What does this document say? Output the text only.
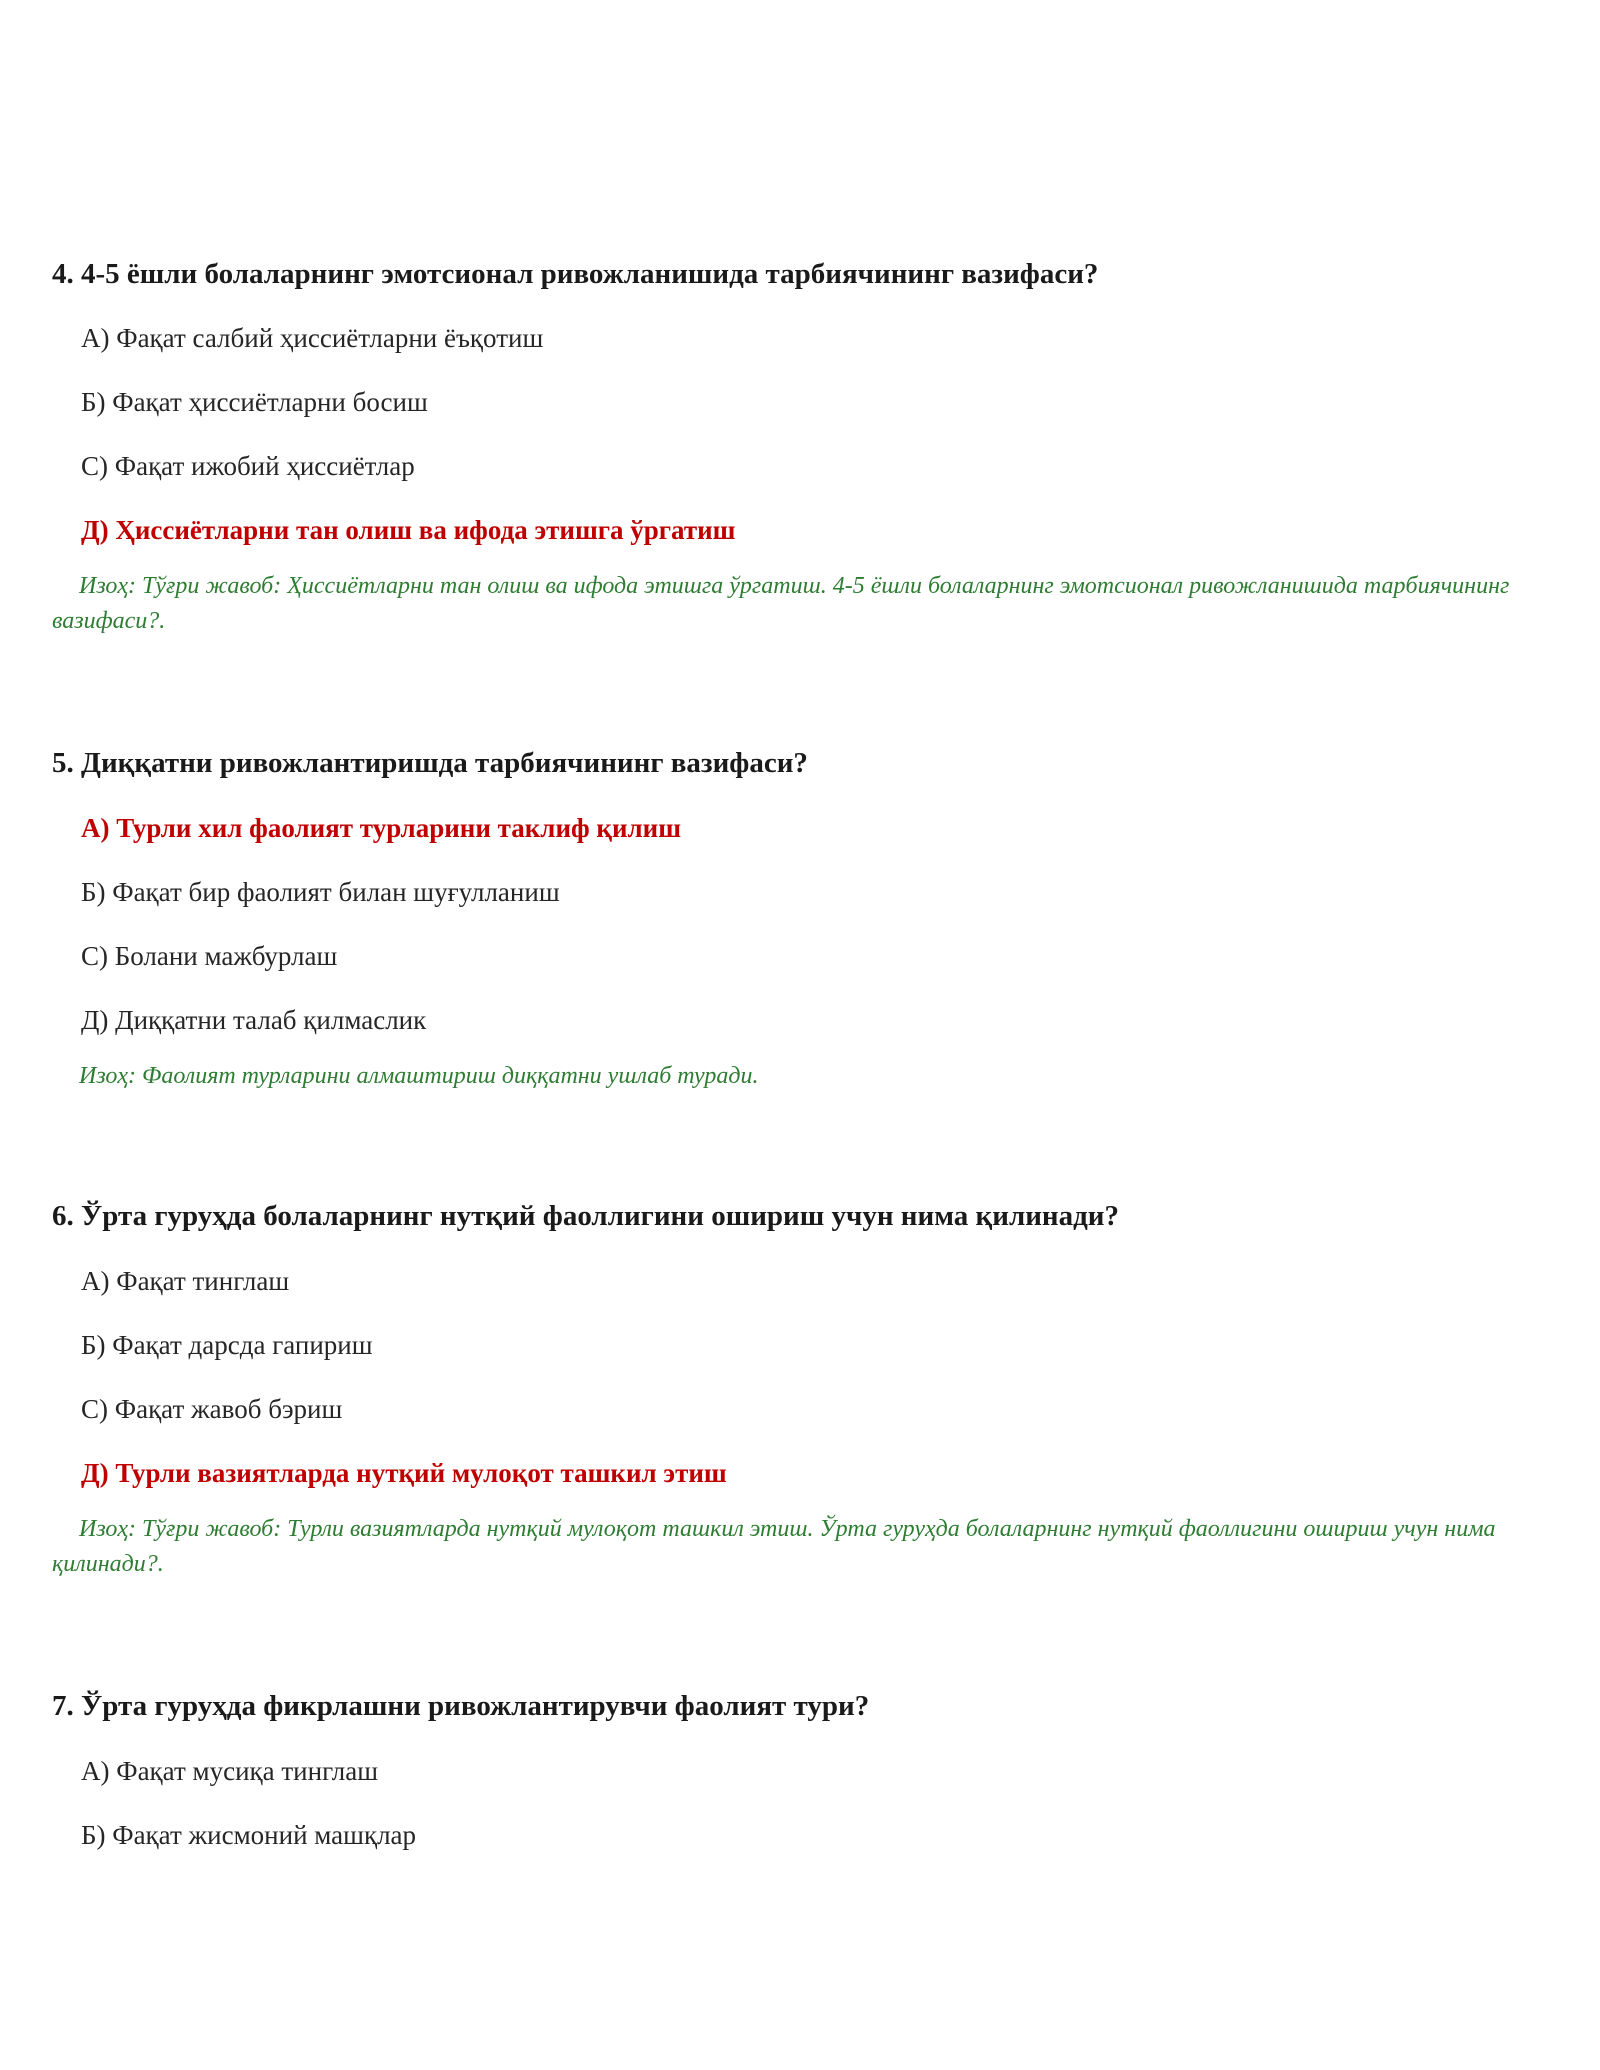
4. 4-5 ёшли болаларнинг эмотсионал ривожланишида тарбиячининг вазифаси?
А) Фақат салбий ҳиссиётларни ёъқотиш
Б) Фақат ҳиссиётларни босиш
С) Фақат ижобий ҳиссиётлар
Д) Ҳиссиётларни тан олиш ва ифода этишга ўргатиш
Изоҳ: Тўғри жавоб: Ҳиссиётларни тан олиш ва ифода этишга ўргатиш. 4-5 ёшли болаларнинг эмотсионал ривожланишида тарбиячининг вазифаси?.
5. Диққатни ривожлантиришда тарбиячининг вазифаси?
А) Турли хил фаолият турларини таклиф қилиш
Б) Фақат бир фаолият билан шуғулланиш
С) Болани мажбурлаш
Д) Диққатни талаб қилмаслик
Изоҳ: Фаолият турларини алмаштириш диққатни ушлаб туради.
6. Ўрта гуруҳда болаларнинг нутқий фаоллигини ошириш учун нима қилинади?
А) Фақат тинглаш
Б) Фақат дарсда гапириш
С) Фақат жавоб бэриш
Д) Турли вазиятларда нутқий мулоқот ташкил этиш
Изоҳ: Тўғри жавоб: Турли вазиятларда нутқий мулоқот ташкил этиш. Ўрта гуруҳда болаларнинг нутқий фаоллигини ошириш учун нима қилинади?.
7. Ўрта гуруҳда фикрлашни ривожлантирувчи фаолият тури?
А) Фақат мусиқа тинглаш
Б) Фақат жисмоний машқлар
